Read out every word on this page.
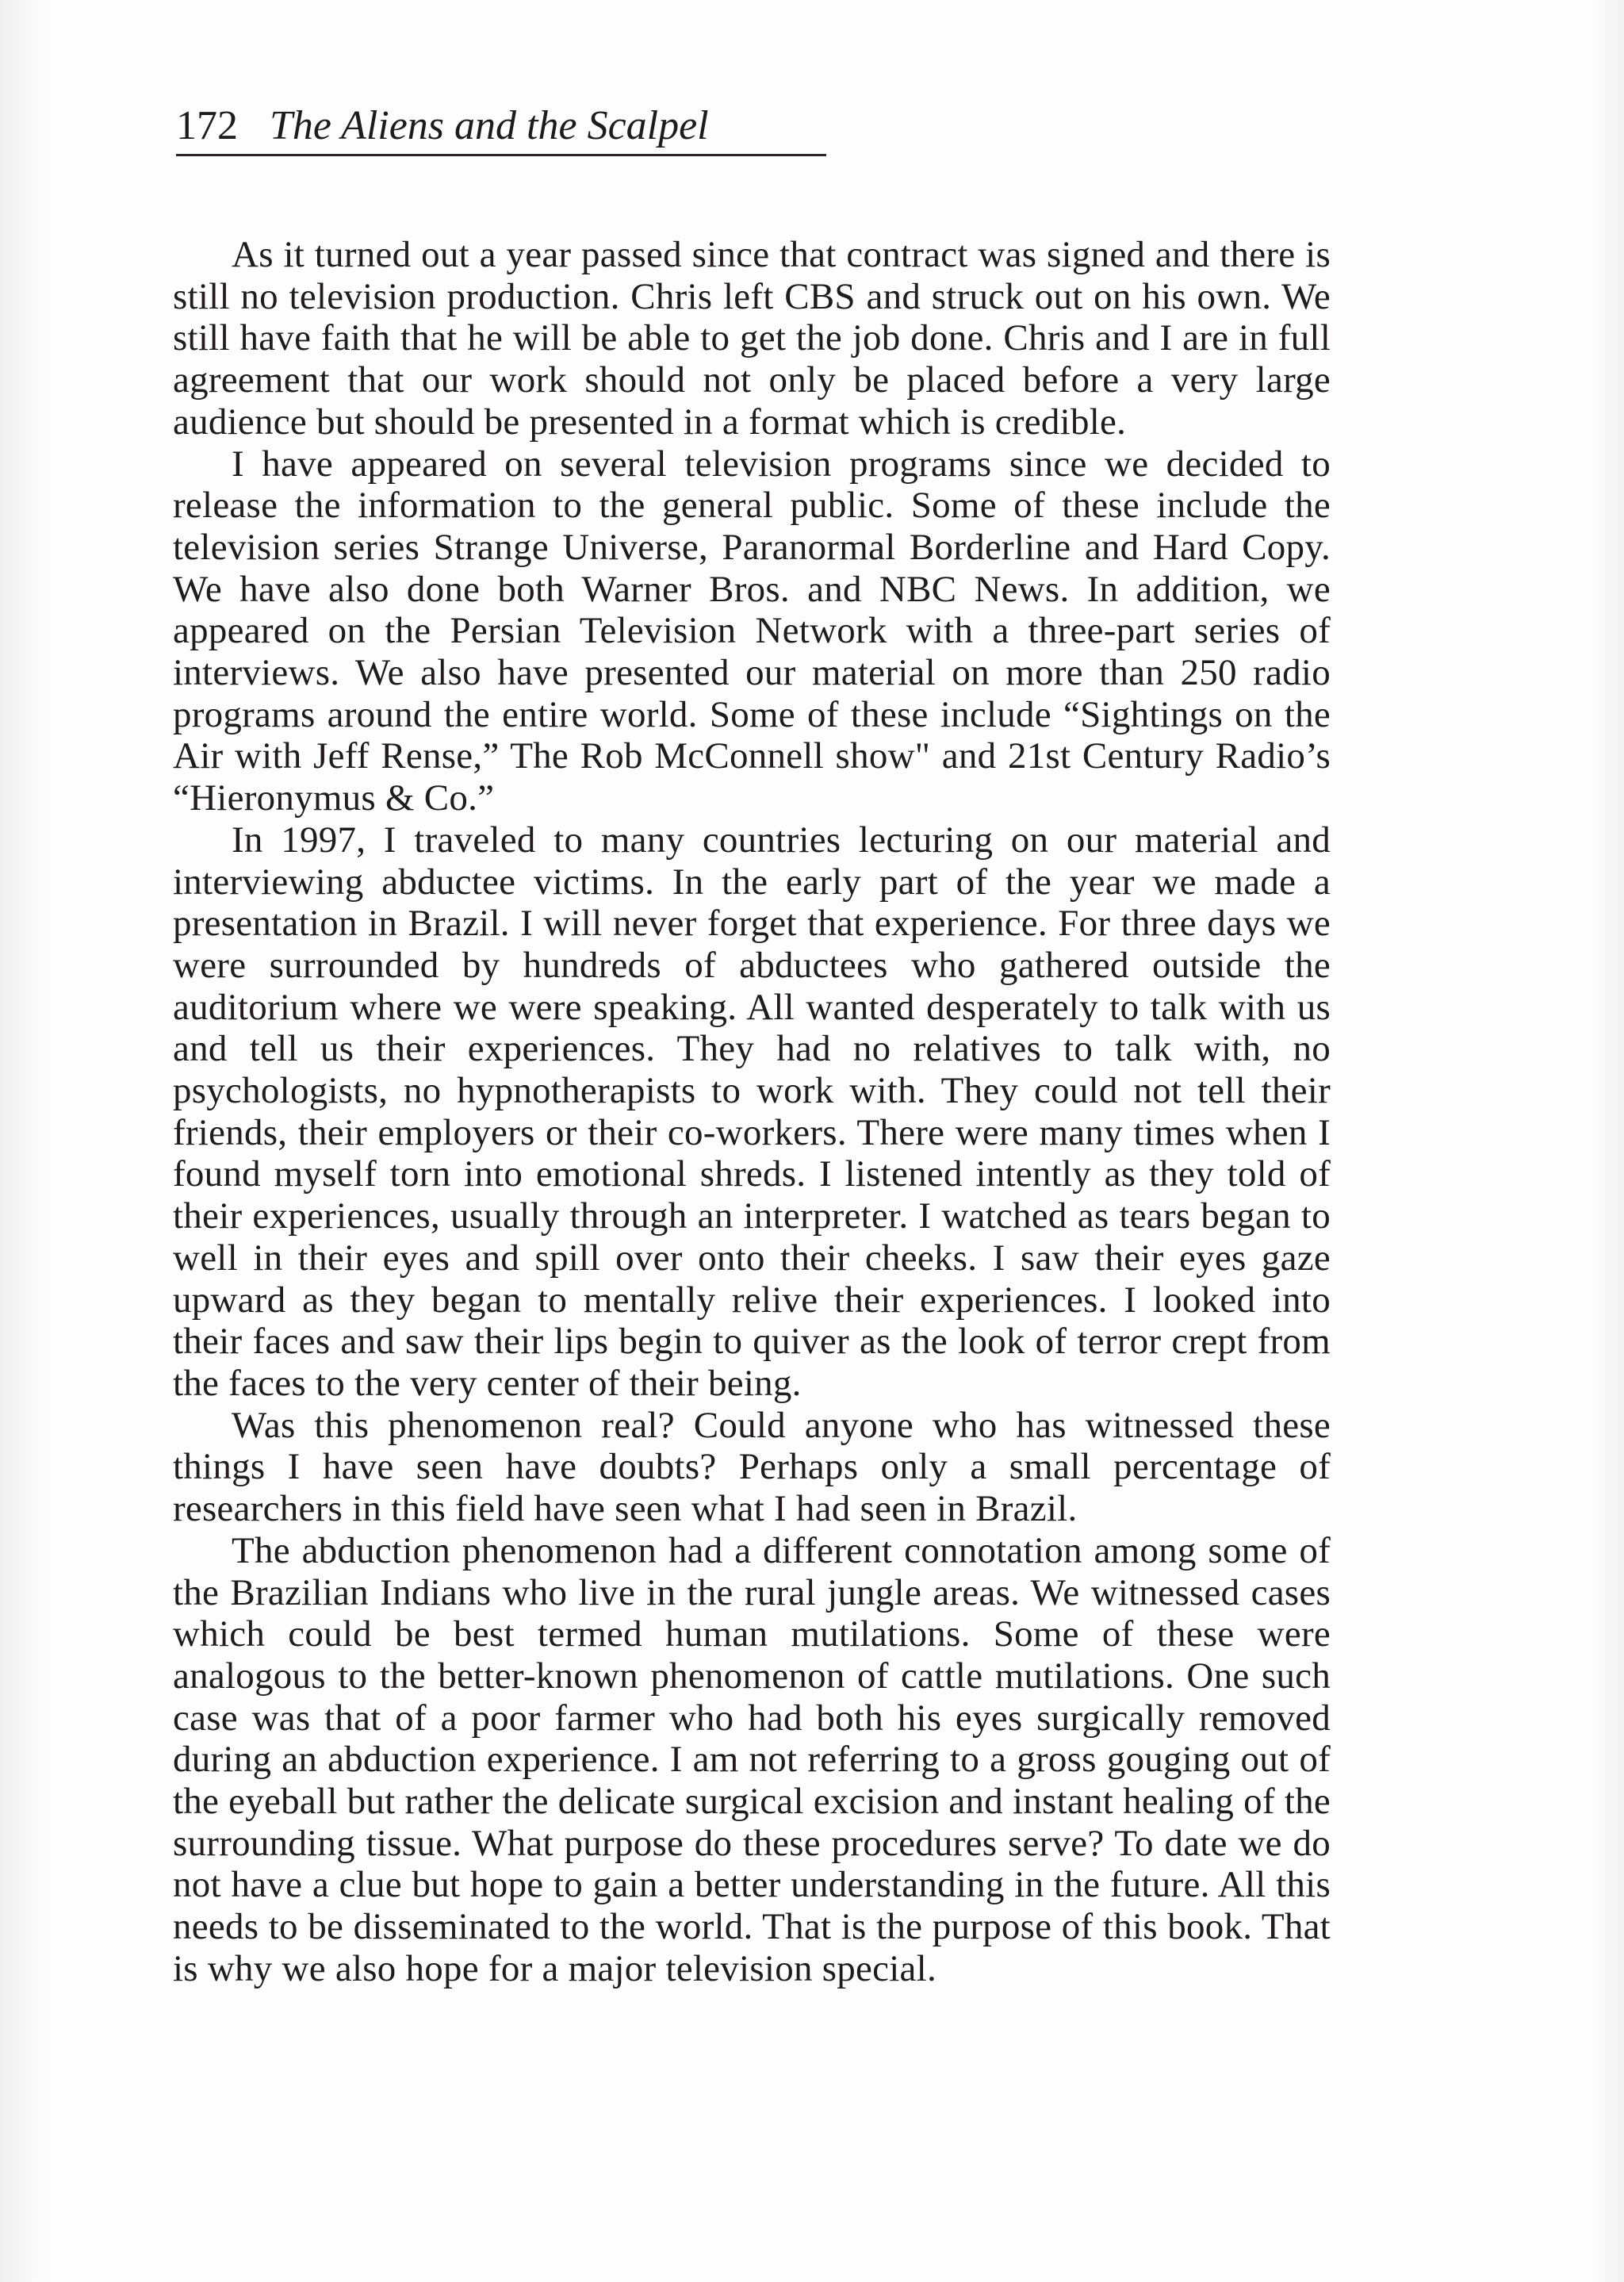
172 The Aliens and the Scalpel

As it turned out a year passed since that contract was signed and there is still no television production. Chris left CBS and struck out on his own. We still have faith that he will be able to get the job done. Chris and I are in full agreement that our work should not only be placed before a very large audience but should be presented in a format which is credible.

I have appeared on several television programs since we decided to release the information to the general public. Some of these include the television series Strange Universe, Paranormal Borderline and Hard Copy. We have also done both Warner Bros. and NBC News. In addition, we appeared on the Persian Television Network with a three-part series of interviews. We also have presented our material on more than 250 radio programs around the entire world. Some of these include “Sightings on the Air with Jeff Rense,” The Rob McConnell show" and 21st Century Radio’s “Hieronymus & Co.”

In 1997, I traveled to many countries lecturing on our material and interviewing abductee victims. In the early part of the year we made a presentation in Brazil. I will never forget that experience. For three days we were surrounded by hundreds of abductees who gathered outside the auditorium where we were speaking. All wanted desperately to talk with us and tell us their experiences. They had no relatives to talk with, no psychologists, no hypnotherapists to work with. They could not tell their friends, their employers or their co-workers. There were many times when I found myself torn into emotional shreds. I listened intently as they told of their experiences, usually through an interpreter. I watched as tears began to well in their eyes and spill over onto their cheeks. I saw their eyes gaze upward as they began to mentally relive their experiences. I looked into their faces and saw their lips begin to quiver as the look of terror crept from the faces to the very center of their being.

Was this phenomenon real? Could anyone who has witnessed these things I have seen have doubts? Perhaps only a small percentage of researchers in this field have seen what I had seen in Brazil.

The abduction phenomenon had a different connotation among some of the Brazilian Indians who live in the rural jungle areas. We witnessed cases which could be best termed human mutilations. Some of these were analogous to the better-known phenomenon of cattle mutilations. One such case was that of a poor farmer who had both his eyes surgically removed during an abduction experience. I am not referring to a gross gouging out of the eyeball but rather the delicate surgical excision and instant healing of the surrounding tissue. What purpose do these procedures serve? To date we do not have a clue but hope to gain a better understanding in the future. All this needs to be disseminated to the world. That is the purpose of this book. That is why we also hope for a major television special.
